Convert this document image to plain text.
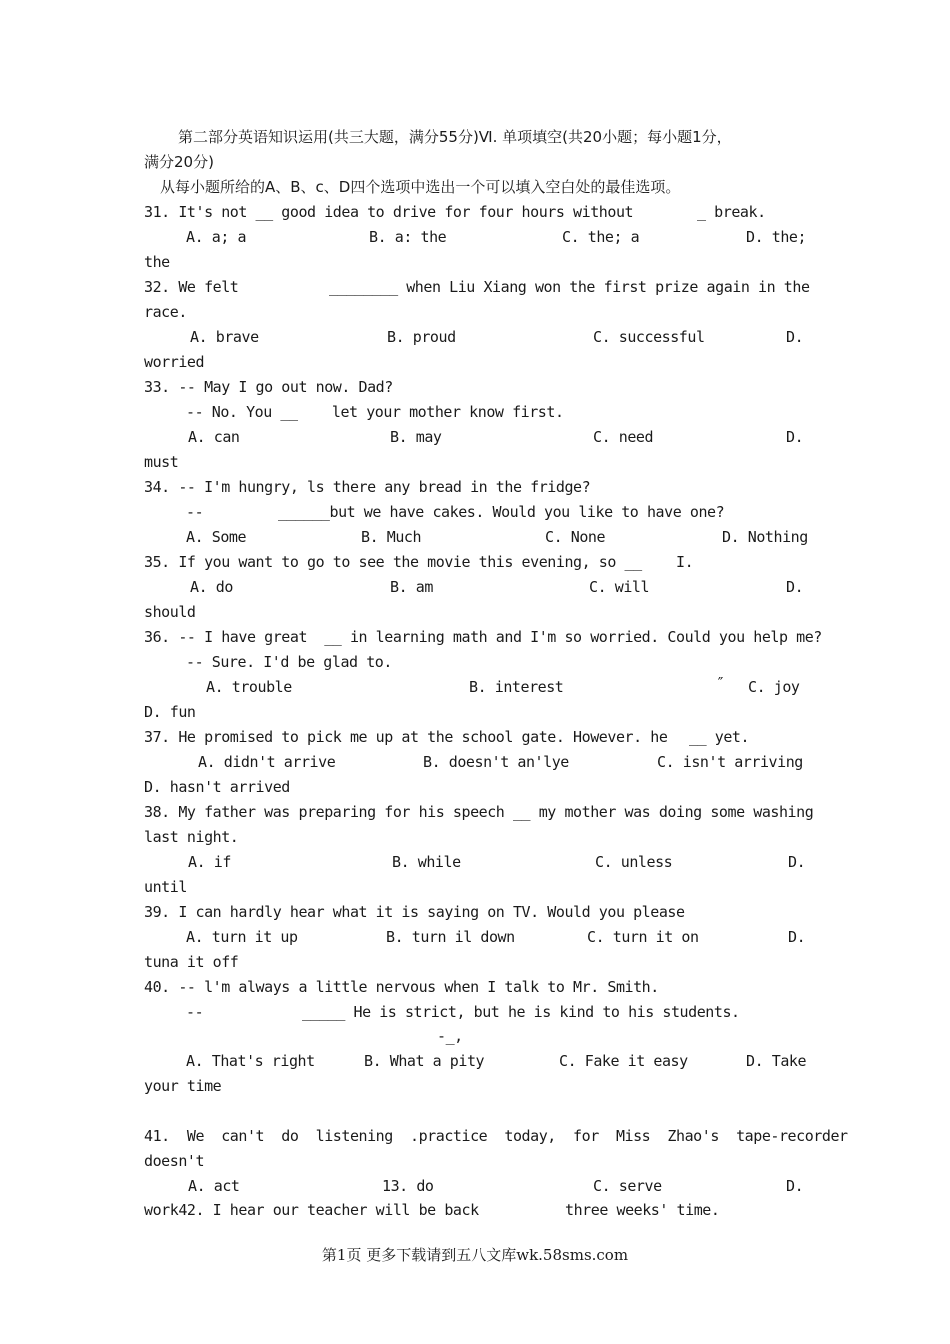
第二部分英语知识运用(共三大题，满分55分)Ⅵ. 单项填空(共20小题；每小题1分，
满分20分)
从每小题所给的A、B、c、D四个选项中选出一个可以填入空白处的最佳选项。
31. It's not __ good idea to drive for four hours without	_ break.
A. a; a	B. a: the	C. the; a	D. the;
the
32. We felt	________ when Liu Xiang won the first prize again in the
race.
A. brave	B. proud	C. successful	D.
worried
33. -- May I go out now. Dad?
-- No. You __    let your mother know first.
A. can	B. may	C. need	D.
must
34. -- I'm hungry, ls there any bread in the fridge?
--	______but we have cakes. Would you like to have one?
A. Some	B. Much	C. None	D. Nothing
35. If you want to go to see the movie this evening, so __    I.
A. do	B. am	C. will	D.
should
36. -- I have great  __ in learning math and I'm so worried. Could you help me?
-- Sure. I'd be glad to.
A. trouble	B. interest	″ C. joy
D. fun
37. He promised to pick me up at the school gate. However. he __ yet.
A. didn't arrive	B. doesn't an'lye	C. isn't arriving
D. hasn't arrived
38. My father was preparing for his speech __ my mother was doing some washing
last night.
A. if	B. while	C. unless	D.
until
39. I can hardly hear what it is saying on TV. Would you please
A. turn it up	B. turn il down	C. turn it on	D.
tuna it off
40. -- l'm always a little nervous when I talk to Mr. Smith.
--	_____ He is strict, but he is kind to his students.
-_,
A. That's right	B. What a pity	C. Fake it easy	D. Take
your time
41.  We  can't  do  listening  .practice  today,  for  Miss  Zhao's  tape-recorder
doesn't
A. act	13. do	C. serve	D.
work42. I hear our teacher will be back	three weeks' time.
第1页 更多下载请到五八文库wk.58sms.com
